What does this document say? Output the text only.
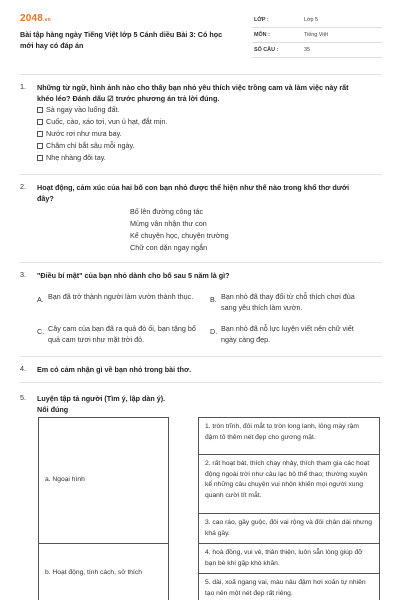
2048.vn
Bài tập hàng ngày Tiếng Việt lớp 5 Cánh diều Bài 3: Có học mới hay có đáp án
LỚP :	Lớp 5
MÔN :	Tiếng Việt
SỐ CÂU :	35
1.	Những từ ngữ, hình ảnh nào cho thấy bạn nhỏ yêu thích việc trồng cam và làm việc này rất khéo léo? Đánh dấu ☑ trước phương án trả lời đúng.
Sà ngay vào luống đất.
Cuốc, cào, xáo tơi, vun ủ hạt, đắt mịn.
Nước rơi như mưa bay.
Chăm chỉ bắt sâu mỗi ngày.
Nhẹ nhàng đôi tay.
2.	Hoạt động, cảm xúc của hai bố con bạn nhỏ được thể hiện như thế nào trong khổ thơ dưới đây?
Bố lên đường công tác
Mừng vân nhận thư con
Kể chuyện học, chuyện trường
Chữ con dặn ngay ngắn
3.	"Điều bí mật" của bạn nhỏ dành cho bố sau 5 năm là gì?
A. Bạn đã trở thành người làm vườn thành thục.	B. Bạn nhỏ đã thay đổi từ chỗ thích chơi đùa sang yêu thích làm vườn.
C. Cây cam của bạn đã ra quả đỏ ối, bạn tặng bố quả cam tươi như mặt trời đỏ.
D. Bạn nhỏ đã nỗ lực luyện viết nên chữ viết ngày càng đẹp.
4.	Em có cảm nhận gì về bạn nhỏ trong bài thơ.
5.	Luyện tập tả người (Tìm ý, lập dàn ý).
Nối đúng
a. Ngoại hình		1. tròn trĩnh, đôi mắt to tròn long lanh, lông mày rậm đậm tô thêm nét đẹp cho gương mặt.
		2. rất hoạt bát, thích chạy nhảy, thích tham gia các hoạt động ngoài trời như câu lạc bộ thể thao; thường xuyên kể những câu chuyện vui nhộn khiến mọi người xung quanh cười tít mắt.
		3. cao ráo, gầy guộc, đôi vai rộng và đôi chân dài nhưng khá gầy.
b. Hoạt động, tính cách, sở thích		4. hoà đồng, vui vẻ, thân thiện, luôn sẵn lòng giúp đỡ bạn bè khi gặp khó khăn.
		5. dài, xoã ngang vai, màu nâu đậm hơi xoăn tự nhiên tạo nên một nét đẹp rất riêng.
